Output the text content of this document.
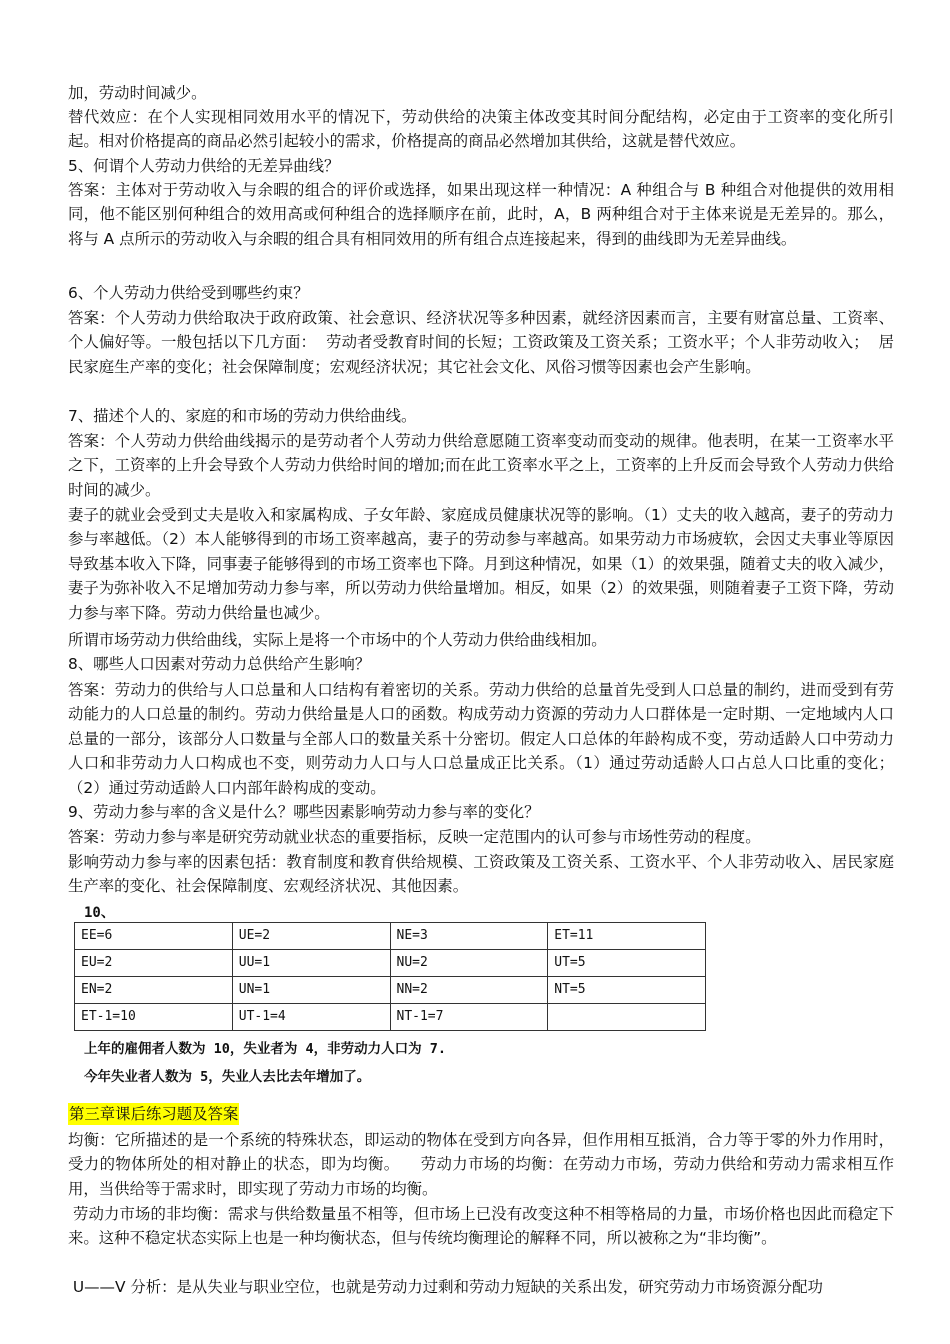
加，劳动时间减少。

替代效应：在个人实现相同效用水平的情况下，劳动供给的决策主体改变其时间分配结构，必定由于工资率的变化所引起。相对价格提高的商品必然引起较小的需求，价格提高的商品必然增加其供给，这就是替代效应。

5、何谓个人劳动力供给的无差异曲线？

答案：主体对于劳动收入与余暇的组合的评价或选择，如果出现这样一种情况：A 种组合与 B 种组合对他提供的效用相同，他不能区别何种组合的效用高或何种组合的选择顺序在前，此时，A，B 两种组合对于主体来说是无差异的。那么，将与 A 点所示的劳动收入与余暇的组合具有相同效用的所有组合点连接起来，得到的曲线即为无差异曲线。

6、个人劳动力供给受到哪些约束？

答案：个人劳动力供给取决于政府政策、社会意识、经济状况等多种因素，就经济因素而言，主要有财富总量、工资率、个人偏好等。一般包括以下几方面：  劳动者受教育时间的长短；工资政策及工资关系；工资水平；个人非劳动收入；  居民家庭生产率的变化；社会保障制度；宏观经济状况；其它社会文化、风俗习惯等因素也会产生影响。

7、描述个人的、家庭的和市场的劳动力供给曲线。

答案：个人劳动力供给曲线揭示的是劳动者个人劳动力供给意愿随工资率变动而变动的规律。他表明，在某一工资率水平之下，工资率的上升会导致个人劳动力供给时间的增加;而在此工资率水平之上，工资率的上升反而会导致个人劳动力供给时间的减少。

妻子的就业会受到丈夫是收入和家属构成、子女年龄、家庭成员健康状况等的影响。（1）丈夫的收入越高，妻子的劳动力参与率越低。（2）本人能够得到的市场工资率越高，妻子的劳动参与率越高。如果劳动力市场疲软，会因丈夫事业等原因导致基本收入下降，同事妻子能够得到的市场工资率也下降。月到这种情况，如果（1）的效果强，随着丈夫的收入减少，妻子为弥补收入不足增加劳动力参与率，所以劳动力供给量增加。相反，如果（2）的效果强，则随着妻子工资下降，劳动力参与率下降。劳动力供给量也减少。

所谓市场劳动力供给曲线，实际上是将一个市场中的个人劳动力供给曲线相加。

8、哪些人口因素对劳动力总供给产生影响？

答案：劳动力的供给与人口总量和人口结构有着密切的关系。劳动力供给的总量首先受到人口总量的制约，进而受到有劳动能力的人口总量的制约。劳动力供给量是人口的函数。构成劳动力资源的劳动力人口群体是一定时期、一定地域内人口总量的一部分，该部分人口数量与全部人口的数量关系十分密切。假定人口总体的年龄构成不变，劳动适龄人口中劳动力人口和非劳动力人口构成也不变，则劳动力人口与人口总量成正比关系。（1）通过劳动适龄人口占总人口比重的变化；（2）通过劳动适龄人口内部年龄构成的变动。

9、劳动力参与率的含义是什么？哪些因素影响劳动力参与率的变化？

答案：劳动力参与率是研究劳动就业状态的重要指标，反映一定范围内的认可参与市场性劳动的程度。

影响劳动力参与率的因素包括：教育制度和教育供给规模、工资政策及工资关系、工资水平、个人非劳动收入、居民家庭生产率的变化、社会保障制度、宏观经济状况、其他因素。

10、
EE=6	UE=2	NE=3	ET=11
EU=2	UU=1	NU=2	UT=5
EN=2	UN=1	NN=2	NT=5
ET-1=10	UT-1=4	NT-1=7	
上年的雇佣者人数为 10，失业者为 4，非劳动力人口为 7.
今年失业者人数为 5，失业人去比去年增加了。
第三章课后练习题及答案

均衡：它所描述的是一个系统的特殊状态，即运动的物体在受到方向各异，但作用相互抵消，合力等于零的外力作用时，受力的物体所处的相对静止的状态，即为均衡。    劳动力市场的均衡：在劳动力市场，劳动力供给和劳动力需求相互作用，当供给等于需求时，即实现了劳动力市场的均衡。

劳动力市场的非均衡：需求与供给数量虽不相等，但市场上已没有改变这种不相等格局的力量，市场价格也因此而稳定下来。这种不稳定状态实际上也是一种均衡状态，但与传统均衡理论的解释不同，所以被称之为“非均衡”。

U——V 分析：是从失业与职业空位，也就是劳动力过剩和劳动力短缺的关系出发，研究劳动力市场资源分配功
